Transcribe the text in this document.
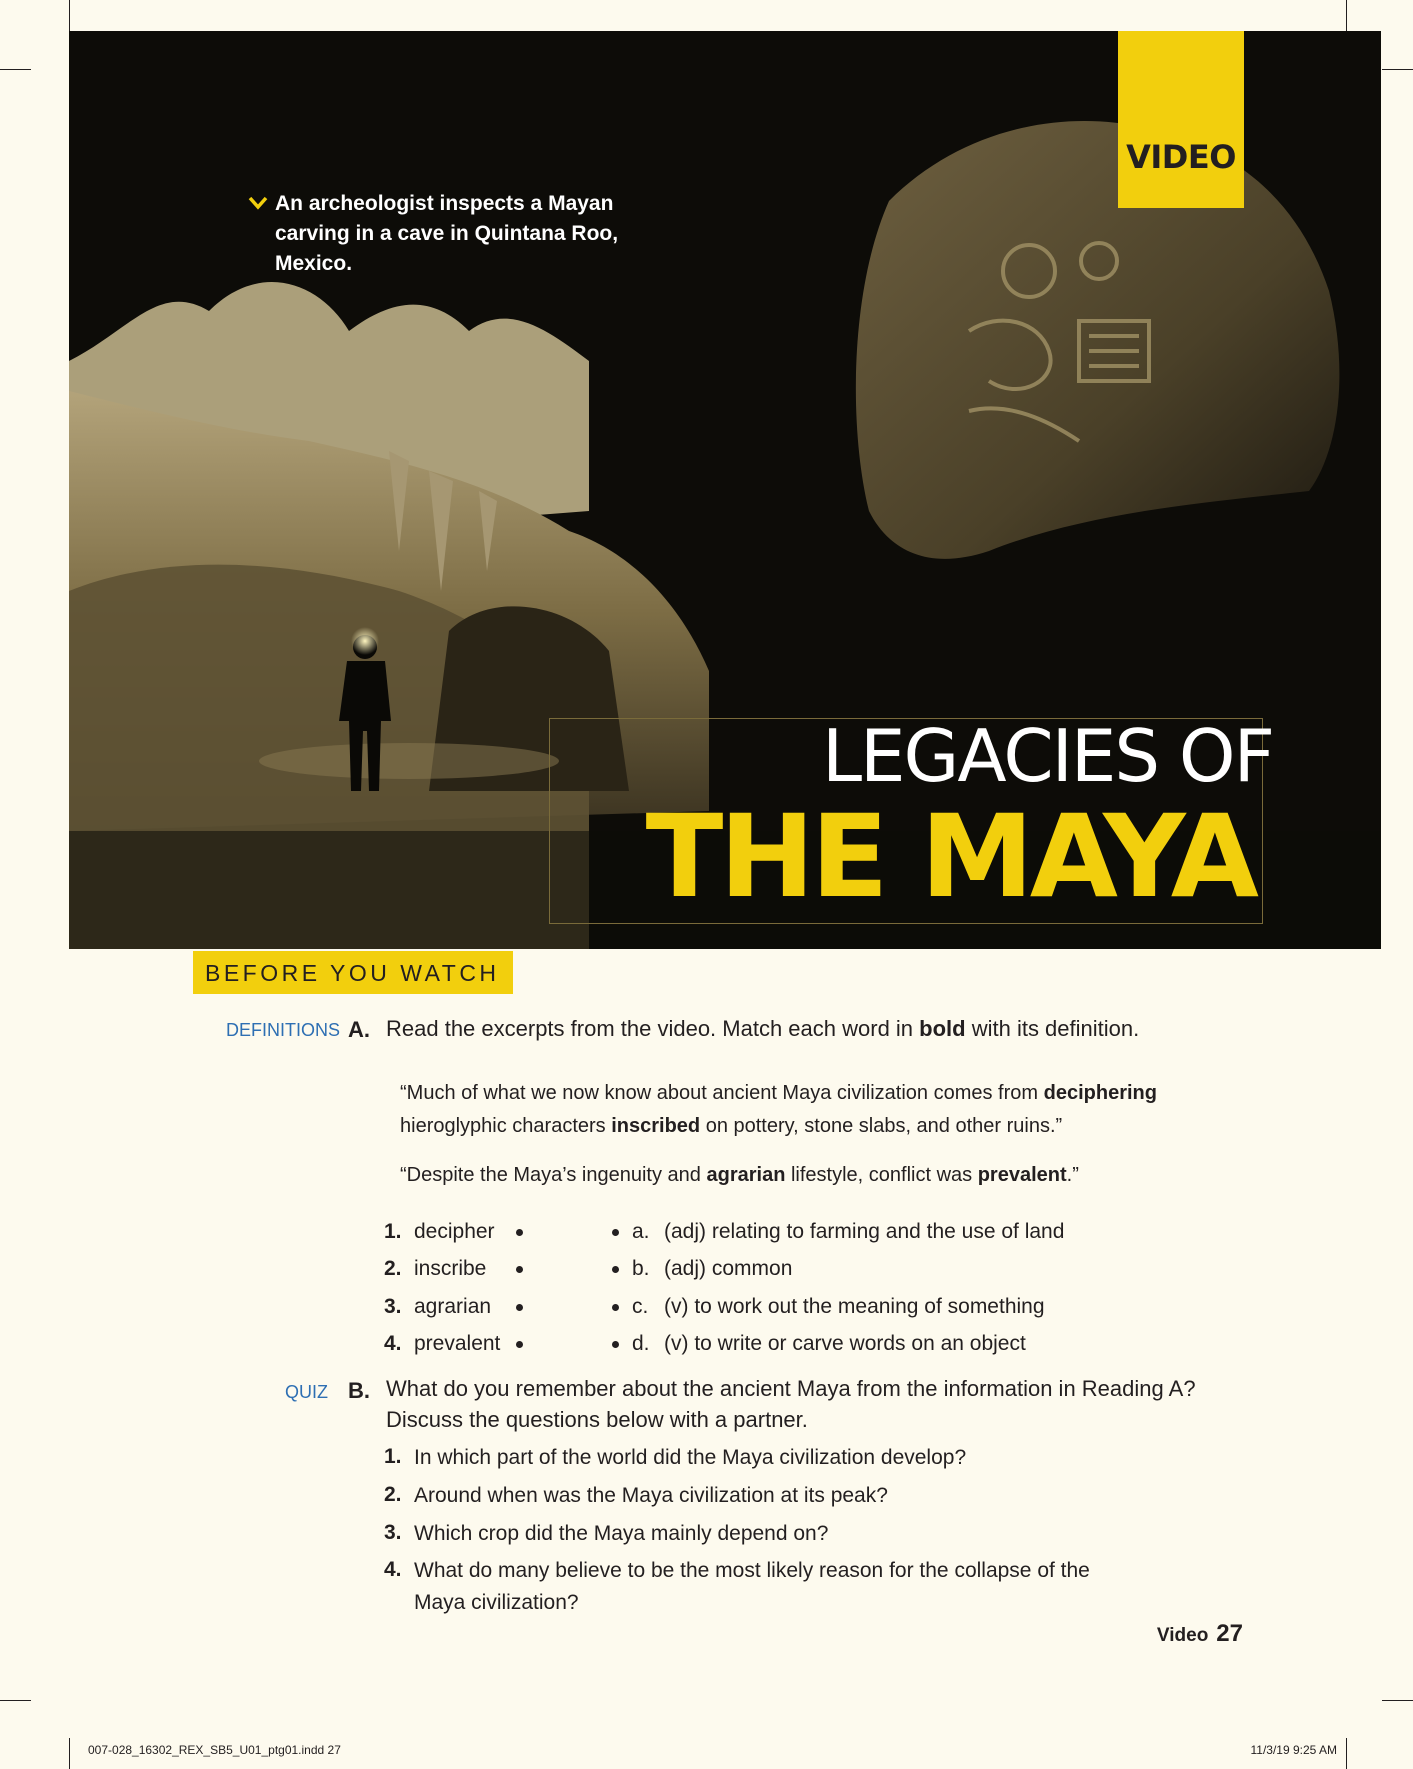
VIDEO
An archeologist inspects a Mayan carving in a cave in Quintana Roo, Mexico.
LEGACIES OF
THE MAYA
BEFORE YOU WATCH
DEFINITIONS A. Read the excerpts from the video. Match each word in bold with its definition.
“Much of what we now know about ancient Maya civilization comes from deciphering hieroglyphic characters inscribed on pottery, stone slabs, and other ruins.”
“Despite the Maya’s ingenuity and agrarian lifestyle, conflict was prevalent.”
1. decipher
2. inscribe
3. agrarian
4. prevalent
a. (adj) relating to farming and the use of land
b. (adj) common
c. (v) to work out the meaning of something
d. (v) to write or carve words on an object
QUIZ B. What do you remember about the ancient Maya from the information in Reading A? Discuss the questions below with a partner.
1. In which part of the world did the Maya civilization develop?
2. Around when was the Maya civilization at its peak?
3. Which crop did the Maya mainly depend on?
4. What do many believe to be the most likely reason for the collapse of the Maya civilization?
Video 27
007-028_16302_REX_SB5_U01_ptg01.indd 27	11/3/19 9:25 AM
